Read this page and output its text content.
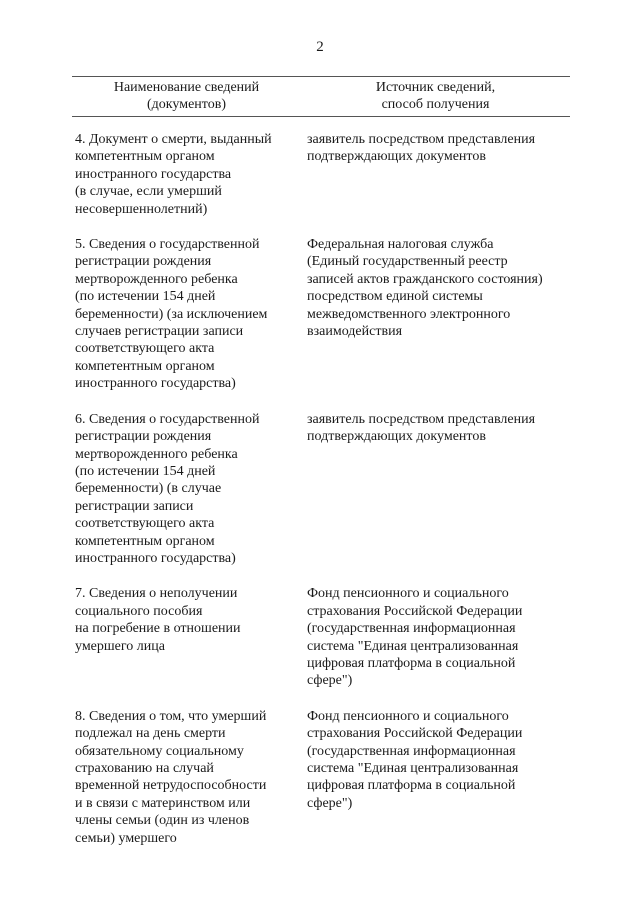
2
Наименование сведений
(документов)
Источник сведений,
способ получения
4. Документ о смерти, выданный
компетентным органом
иностранного государства
(в случае, если умерший
несовершеннолетний)
заявитель посредством представления
подтверждающих документов
5. Сведения о государственной
регистрации рождения
мертворожденного ребенка
(по истечении 154 дней
беременности) (за исключением
случаев регистрации записи
соответствующего акта
компетентным органом
иностранного государства)
Федеральная налоговая служба
(Единый государственный реестр
записей актов гражданского состояния)
посредством единой системы
межведомственного электронного
взаимодействия
6. Сведения о государственной
регистрации рождения
мертворожденного ребенка
(по истечении 154 дней
беременности) (в случае
регистрации записи
соответствующего акта
компетентным органом
иностранного государства)
заявитель посредством представления
подтверждающих документов
7. Сведения о неполучении
социального пособия
на погребение в отношении
умершего лица
Фонд пенсионного и социального
страхования Российской Федерации
(государственная информационная
система "Единая централизованная
цифровая платформа в социальной
сфере")
8. Сведения о том, что умерший
подлежал на день смерти
обязательному социальному
страхованию на случай
временной нетрудоспособности
и в связи с материнством или
члены семьи (один из членов
семьи) умершего
Фонд пенсионного и социального
страхования Российской Федерации
(государственная информационная
система "Единая централизованная
цифровая платформа в социальной
сфере")
